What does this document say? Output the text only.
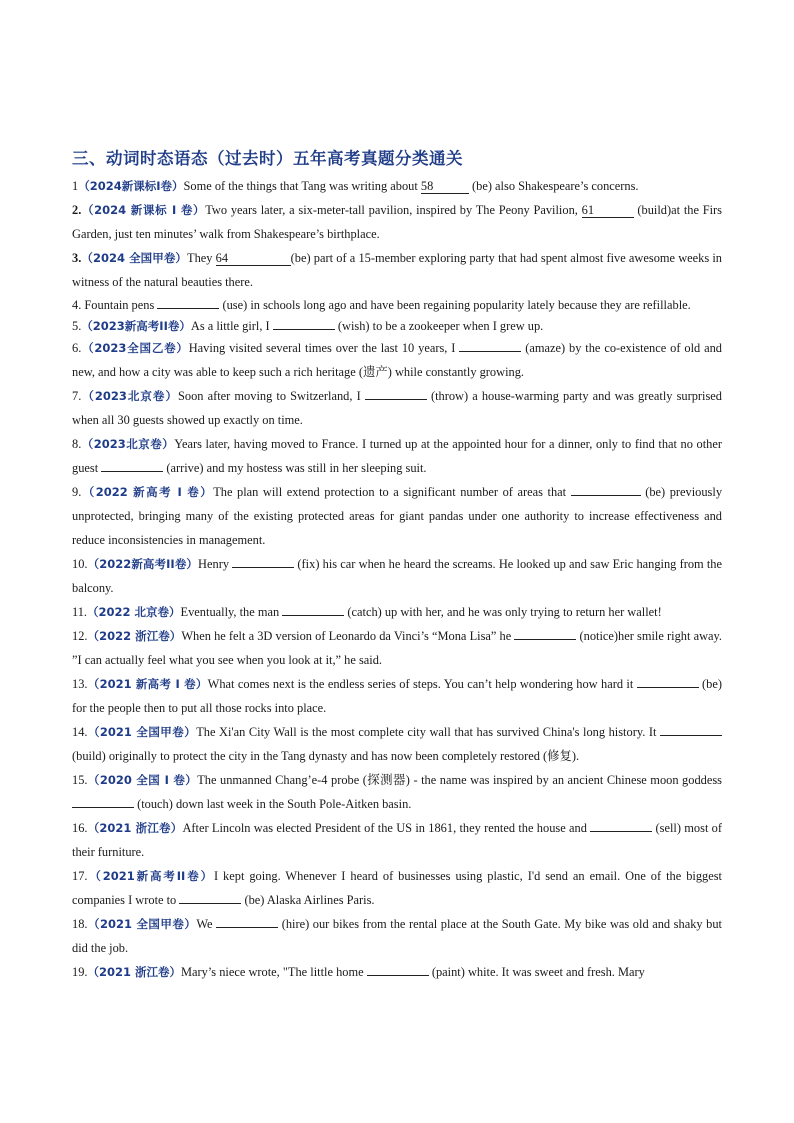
三、动词时态语态（过去时）五年高考真题分类通关

1（2024新课标I卷）Some of the things that Tang was writing about 58	(be) also Shakespeare’s concerns.

2.（2024 新课标 I 卷）Two years later, a six-meter-tall pavilion, inspired by The Peony Pavilion, 61	(build)at the Firs Garden, just ten minutes’ walk from Shakespeare’s birthplace.

3.（2024 全国甲卷）They 64	(be) part of a 15-member exploring party that had spent almost five awesome weeks in witness of the natural beauties there.

4. Fountain pens	(use) in schools long ago and have been regaining popularity lately because they are refillable.

5.（2023新高考II卷）As a little girl, I	(wish) to be a zookeeper when I grew up.

6.（2023全国乙卷）Having visited several times over the last 10 years, I	(amaze) by the co-existence of old and new, and how a city was able to keep such a rich heritage (遗产) while constantly growing.

7.（2023北京卷）Soon after moving to Switzerland, I	(throw) a house-warming party and was greatly surprised when all 30 guests showed up exactly on time.

8.（2023北京卷）Years later, having moved to France. I turned up at the appointed hour for a dinner, only to find that no other guest	(arrive) and my hostess was still in her sleeping suit.

9.（2022 新高考 I 卷）The plan will extend protection to a significant number of areas that	(be) previously unprotected, bringing many of the existing protected areas for giant pandas under one authority to increase effectiveness and reduce inconsistencies in management.

10.（2022新高考II卷）Henry	(fix) his car when he heard the screams. He looked up and saw Eric hanging from the balcony.

11.（2022 北京卷）Eventually, the man	(catch) up with her, and he was only trying to return her wallet!

12.（2022 浙江卷）When he felt a 3D version of Leonardo da Vinci’s “Mona Lisa” he	(notice)her smile right away. ”I can actually feel what you see when you look at it,” he said.

13.（2021 新高考 I 卷）What comes next is the endless series of steps. You can’t help wondering how hard it	(be) for the people then to put all those rocks into place.

14.（2021 全国甲卷）The Xi'an City Wall is the most complete city wall that has survived China's long history. It  (build) originally to protect the city in the Tang dynasty and has now been completely restored (修复).

15.（2020 全国 I 卷）The unmanned Chang’e-4 probe (探测器) - the name was inspired by an ancient Chinese moon goddess  (touch) down last week in the South Pole-Aitken basin.

16.（2021 浙江卷）After Lincoln was elected President of the US in 1861, they rented the house and	(sell) most of their furniture.

17.（2021新高考II卷）I kept going. Whenever I heard of businesses using plastic, I'd send an email. One of the biggest companies I wrote to	(be) Alaska Airlines Paris.

18.（2021 全国甲卷）We	(hire) our bikes from the rental place at the South Gate. My bike was old and shaky but did the job.

19.（2021 浙江卷）Mary’s niece wrote, "The little home	(paint) white. It was sweet and fresh. Mary
